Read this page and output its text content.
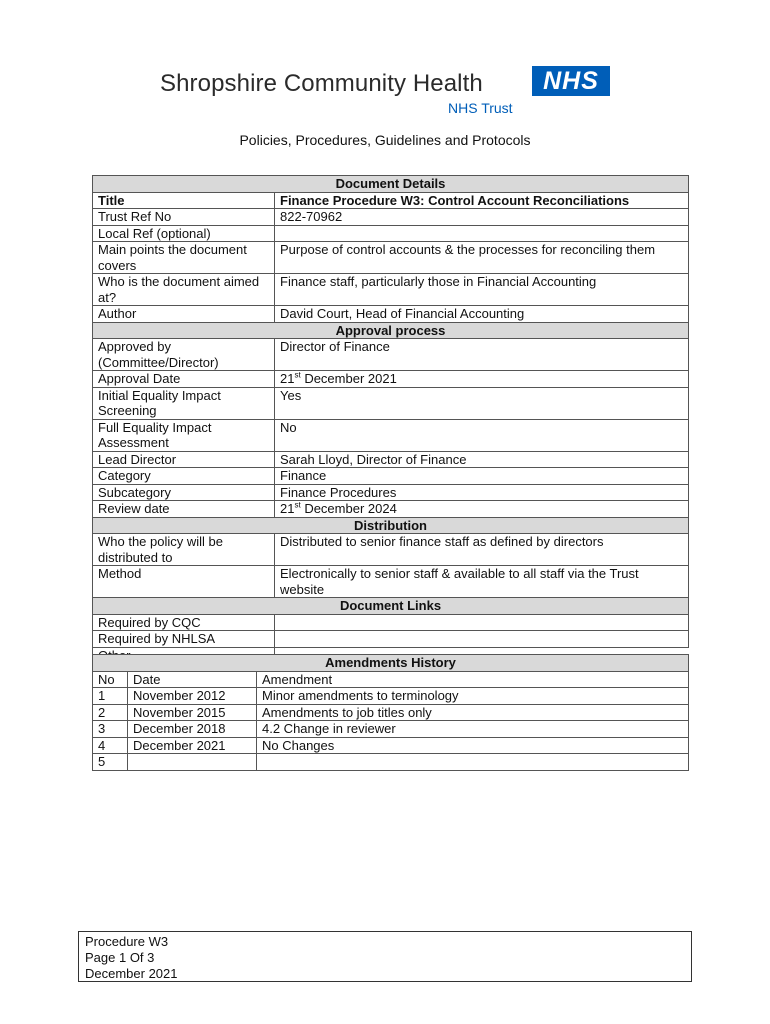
Shropshire Community Health	NHS
NHS Trust
Policies, Procedures, Guidelines and Protocols
Document Details	
Title	Finance Procedure W3: Control Account Reconciliations
Trust Ref No	822-70962
Local Ref (optional)	
Main points the document covers	Purpose of control accounts & the processes for reconciling them
Who is the document aimed at?	Finance staff, particularly those in Financial Accounting
Author	David Court, Head of Financial Accounting
Approval process	
Approved by (Committee/Director)	Director of Finance
Approval Date	21st December 2021
Initial Equality Impact Screening	Yes
Full Equality Impact Assessment	No
Lead Director	Sarah Lloyd, Director of Finance
Category	Finance
Subcategory	Finance Procedures
Review date	21st December 2024
Distribution	
Who the policy will be distributed to	Distributed to senior finance staff as defined by directors
Method	Electronically to senior staff & available to all staff via the Trust website
Document Links	
Required by CQC	
Required by NHLSA	

Amendments History		
No	Date	Amendment
1	November 2012	Minor amendments to terminology
2	November 2015	Amendments to job titles only
3	December 2018	4.2 Change in reviewer
4	December 2021	No Changes
5		
Procedure W3
Page 1 Of 3
December 2021
